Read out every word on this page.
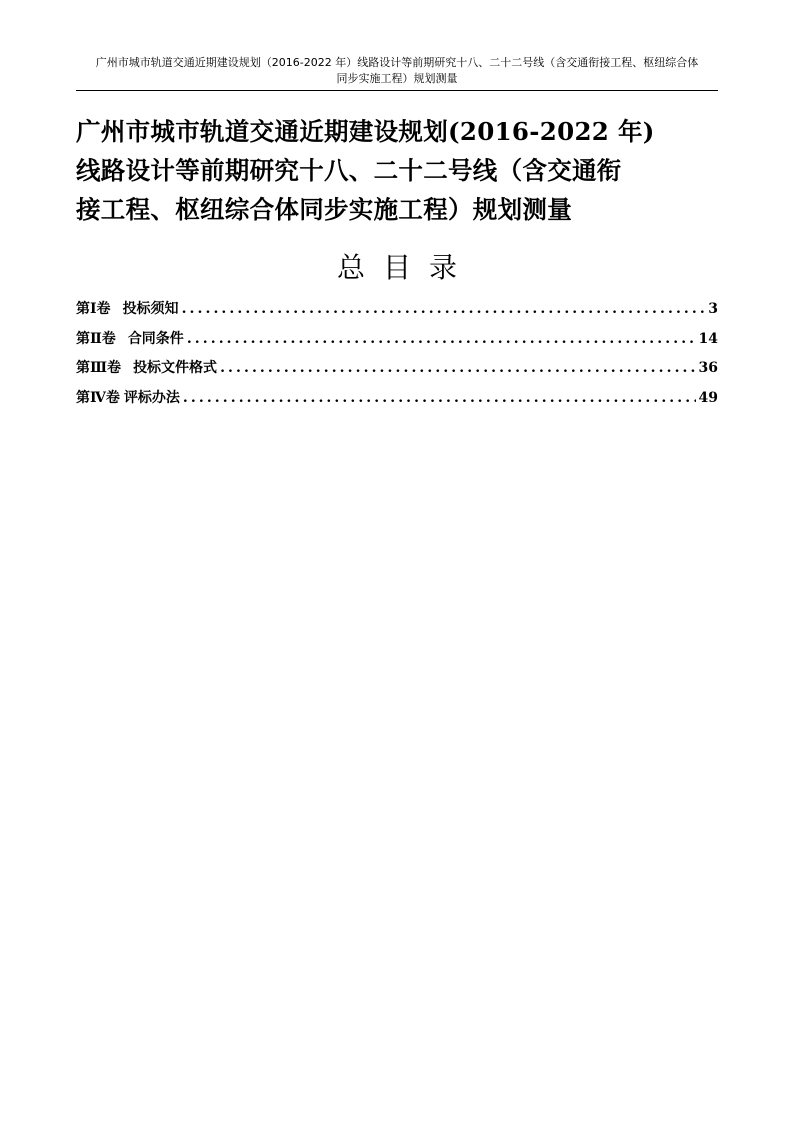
广州市城市轨道交通近期建设规划（2016-2022 年）线路设计等前期研究十八、二十二号线（含交通衔接工程、枢纽综合体
同步实施工程）规划测量
广州市城市轨道交通近期建设规划(2016-2022 年)
线路设计等前期研究十八、二十二号线（含交通衔
接工程、枢纽综合体同步实施工程）规划测量
总目录
第Ⅰ卷 投标须知 .....	3
第Ⅱ卷 合同条件 .....	14
第Ⅲ卷 投标文件格式 .....	36
第Ⅳ卷 评标办法 .....	49
